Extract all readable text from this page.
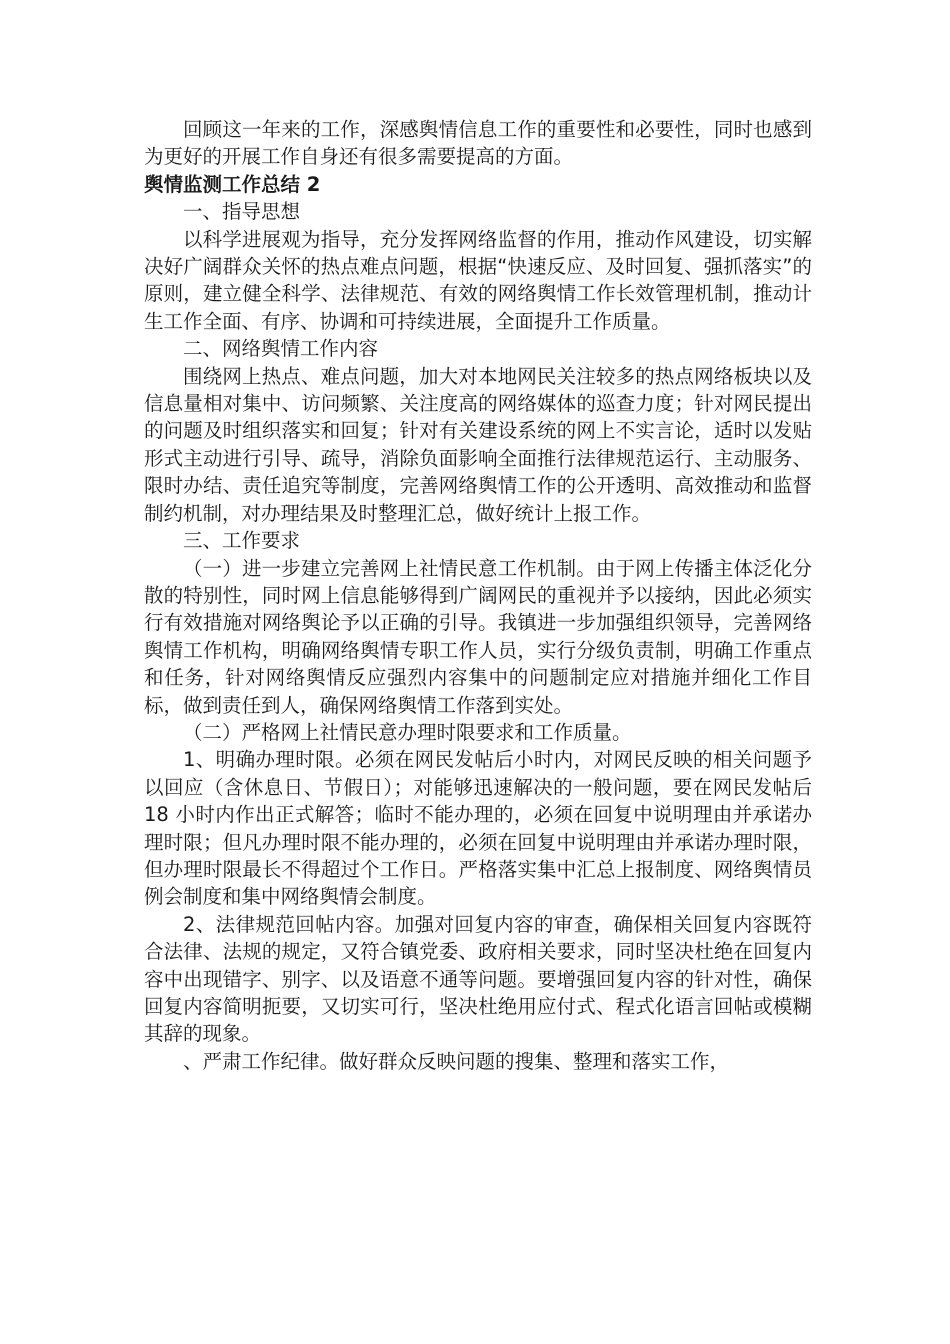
回顾这一年来的工作，深感舆情信息工作的重要性和必要性，同时也感到为更好的开展工作自身还有很多需要提高的方面。

舆情监测工作总结 2

一、指导思想

以科学进展观为指导，充分发挥网络监督的作用，推动作风建设，切实解决好广阔群众关怀的热点难点问题，根据“快速反应、及时回复、强抓落实”的原则，建立健全科学、法律规范、有效的网络舆情工作长效管理机制，推动计生工作全面、有序、协调和可持续进展，全面提升工作质量。

二、网络舆情工作内容

围绕网上热点、难点问题，加大对本地网民关注较多的热点网络板块以及信息量相对集中、访问频繁、关注度高的网络媒体的巡查力度；针对网民提出的问题及时组织落实和回复；针对有关建设系统的网上不实言论，适时以发贴形式主动进行引导、疏导，消除负面影响全面推行法律规范运行、主动服务、限时办结、责任追究等制度，完善网络舆情工作的公开透明、高效推动和监督制约机制，对办理结果及时整理汇总，做好统计上报工作。

三、工作要求

（一）进一步建立完善网上社情民意工作机制。由于网上传播主体泛化分散的特别性，同时网上信息能够得到广阔网民的重视并予以接纳，因此必须实行有效措施对网络舆论予以正确的引导。我镇进一步加强组织领导，完善网络舆情工作机构，明确网络舆情专职工作人员，实行分级负责制，明确工作重点和任务，针对网络舆情反应强烈内容集中的问题制定应对措施并细化工作目标，做到责任到人，确保网络舆情工作落到实处。

（二）严格网上社情民意办理时限要求和工作质量。

1、明确办理时限。必须在网民发帖后小时内，对网民反映的相关问题予以回应（含休息日、节假日）；对能够迅速解决的一般问题，要在网民发帖后 18 小时内作出正式解答；临时不能办理的，必须在回复中说明理由并承诺办理时限；但凡办理时限不能办理的，必须在回复中说明理由并承诺办理时限，但办理时限最长不得超过个工作日。严格落实集中汇总上报制度、网络舆情员例会制度和集中网络舆情会制度。

2、法律规范回帖内容。加强对回复内容的审查，确保相关回复内容既符合法律、法规的规定，又符合镇党委、政府相关要求，同时坚决杜绝在回复内容中出现错字、别字、以及语意不通等问题。要增强回复内容的针对性，确保回复内容简明扼要，又切实可行，坚决杜绝用应付式、程式化语言回帖或模糊其辞的现象。

、严肃工作纪律。做好群众反映问题的搜集、整理和落实工作，
